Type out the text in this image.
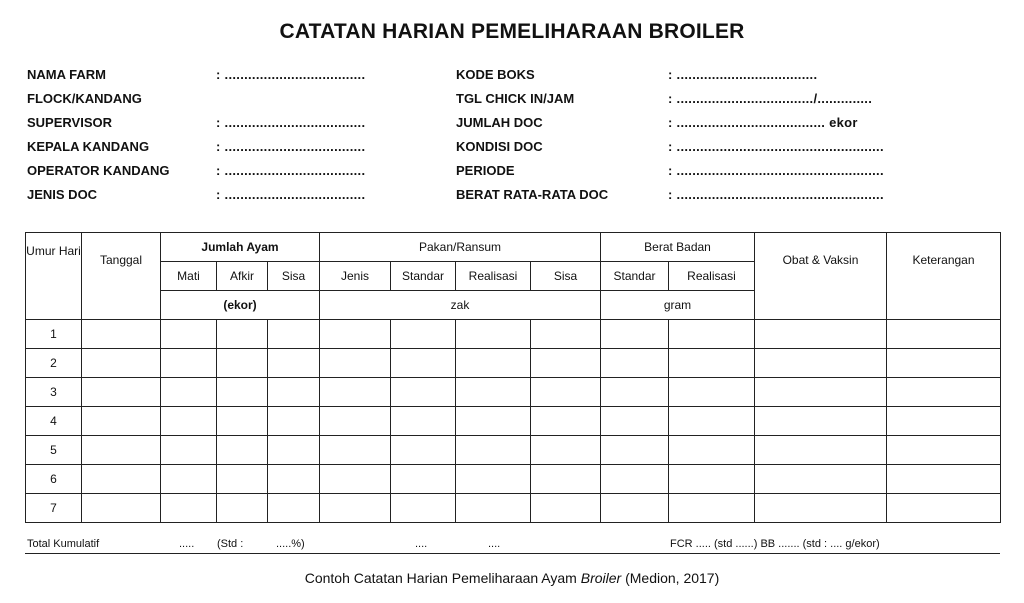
CATATAN HARIAN PEMELIHARAAN BROILER
NAMA FARM	: ....................................
FLOCK/KANDANG
SUPERVISOR	: ....................................
KEPALA KANDANG	: ....................................
OPERATOR KANDANG	: ....................................
JENIS DOC	: ....................................
KODE BOKS	: ....................................
TGL CHICK IN/JAM	: .................................../..............
JUMLAH DOC	: ...................................... ekor
KONDISI DOC	: .....................................................
PERIODE	: .....................................................
BERAT RATA-RATA DOC	: .....................................................
Umur Hari	Tanggal	Jumlah Ayam			Pakan/Ransum				Berat Badan		Obat & Vaksin	Keterangan
		Mati	Afkir	Sisa	Jenis	Standar	Realisasi	Sisa	Standar	Realisasi		
		(ekor)			zak				gram			
1												
2												
3												
4												
5												
6												
7												
Total Kumulatif	..... (Std :	.....%)	....	....	FCR ..... (std ......) BB ....... (std : .... g/ekor)
Contoh Catatan Harian Pemeliharaan Ayam Broiler (Medion, 2017)
